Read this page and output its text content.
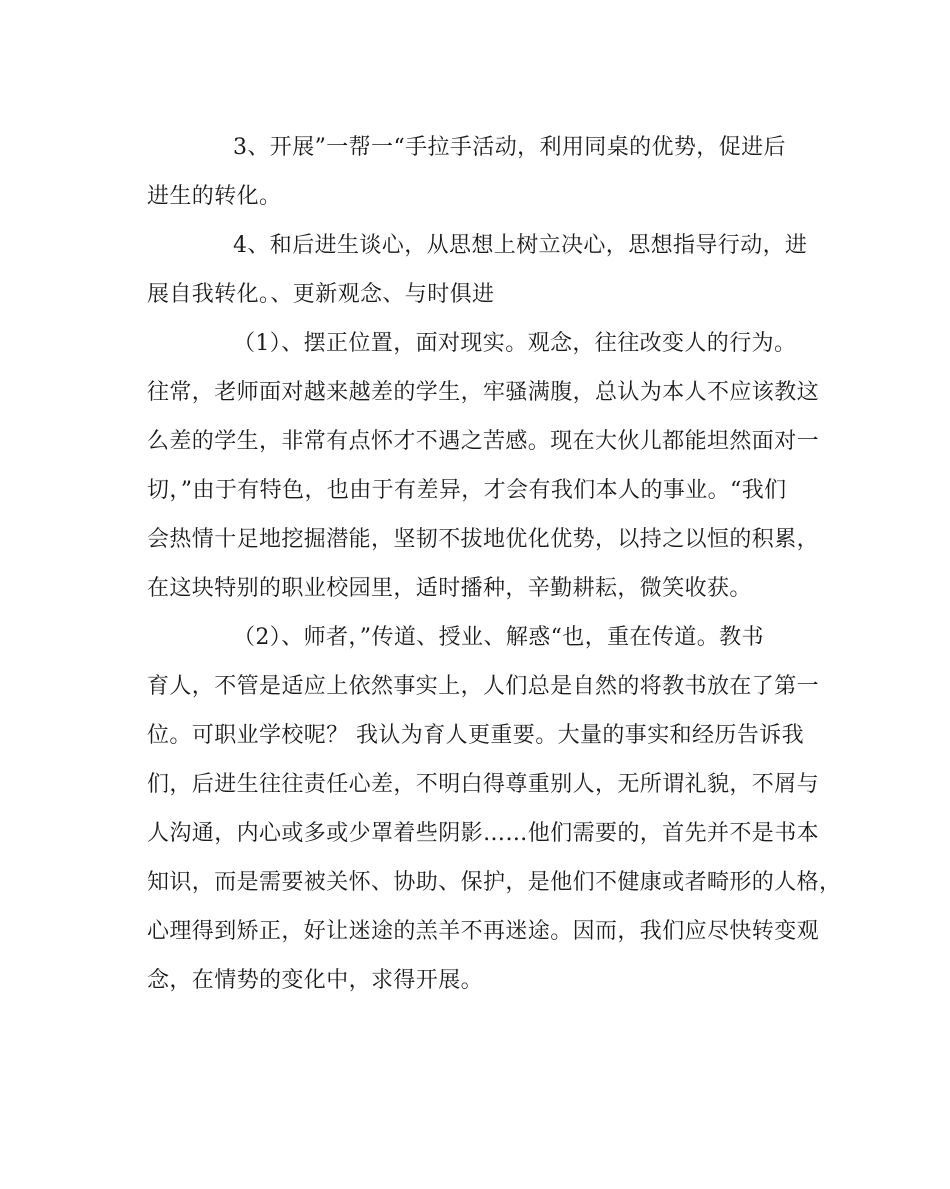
3、开展”一帮一“手拉手活动，利用同桌的优势，促进后
进生的转化。
4、和后进生谈心，从思想上树立决心，思想指导行动，进
展自我转化。、更新观念、与时俱进
（1）、摆正位置，面对现实。观念，往往改变人的行为。
往常，老师面对越来越差的学生，牢骚满腹，总认为本人不应该教这
么差的学生，非常有点怀才不遇之苦感。现在大伙儿都能坦然面对一
切，”由于有特色，也由于有差异，才会有我们本人的事业。“我们
会热情十足地挖掘潜能，坚韧不拔地优化优势，以持之以恒的积累，
在这块特别的职业校园里，适时播种，辛勤耕耘，微笑收获。
（2）、师者，”传道、授业、解惑“也，重在传道。教书
育人，不管是适应上依然事实上，人们总是自然的将教书放在了第一
位。可职业学校呢？ 我认为育人更重要。大量的事实和经历告诉我
们，后进生往往责任心差，不明白得尊重别人，无所谓礼貌，不屑与
人沟通，内心或多或少罩着些阴影……他们需要的，首先并不是书本
知识，而是需要被关怀、协助、保护，是他们不健康或者畸形的人格，
心理得到矫正，好让迷途的羔羊不再迷途。因而，我们应尽快转变观
念，在情势的变化中，求得开展。
